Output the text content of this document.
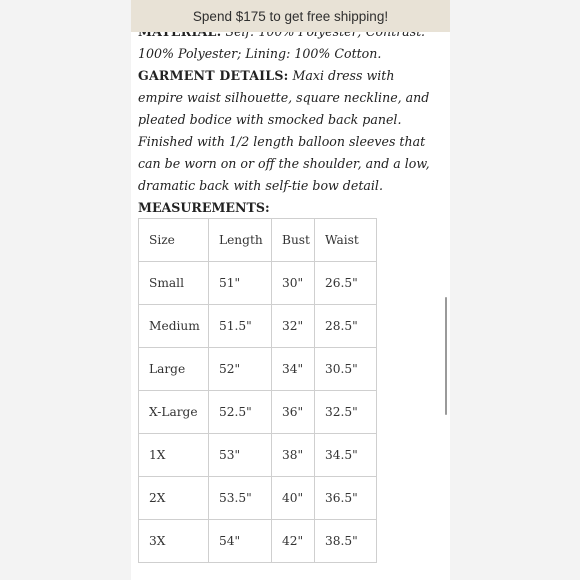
Spend $175 to get free shipping!

100% Polyester; Lining: 100% Cotton.

GARMENT DETAILS: Maxi dress with empire waist silhouette, square neckline, and pleated bodice with smocked back panel. Finished with 1/2 length balloon sleeves that can be worn on or off the shoulder, and a low, dramatic back with self-tie bow detail.

MEASUREMENTS:

Size	Length	Bust	Waist
Small	51"	30"	26.5"
Medium	51.5"	32"	28.5"
Large	52"	34"	30.5"
X-Large	52.5"	36"	32.5"
1X	53"	38"	34.5"
2X	53.5"	40"	36.5"
3X	54"	42"	38.5"
